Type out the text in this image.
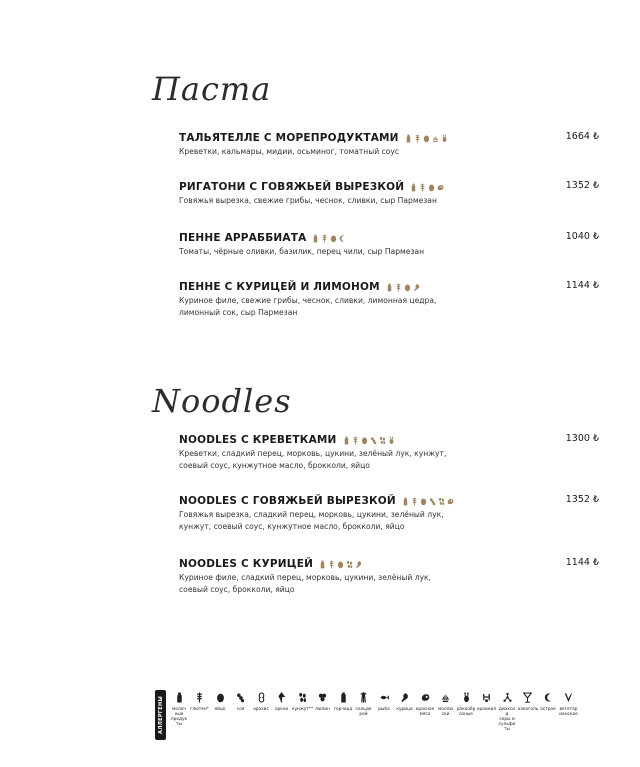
Паста
Noodles
ТАЛЬЯТЕЛЛЕ С МОРЕПРОДУКТАМИ	1664 ₺
Креветки, кальмары, мидии, осьминог, томатный соус
РИГАТОНИ С ГОВЯЖЬЕЙ ВЫРЕЗКОЙ	1352 ₺
Говяжья вырезка, свежие грибы, чеснок, сливки, сыр Пармезан
ПЕННЕ АРРАББИАТА	1040 ₺
Томаты, чёрные оливки, базилик, перец чили, сыр Пармезан
ПЕННЕ С КУРИЦЕЙ И ЛИМОНОМ	1144 ₺
Куриное филе, свежие грибы, чеснок, сливки, лимонная цедра,
лимонный сок, сыр Пармезан
NOODLES С КРЕВЕТКАМИ	1300 ₺
Креветки, сладкий перец, морковь, цукини, зелёный лук, кунжут,
соевый соус, кунжутное масло, брокколи, яйцо
NOODLES С ГОВЯЖЬЕЙ ВЫРЕЗКОЙ	1352 ₺
Говяжья вырезка, сладкий перец, морковь, цукини, зелёный лук,
кунжут, соевый соус, кунжутное масло, брокколи, яйцо
NOODLES С КУРИЦЕЙ	1144 ₺
Куриное филе, сладкий перец, морковь, цукини, зелёный лук,
соевый соус, брокколи, яйцо
АЛЛЕРГЕНЫ	молоч
ные
продук
ты
глютен*	яйцо	соя	арахис	орехи кунжут** люпин горчица сельде
рей
рыба	курица красное
мясо
моллю
ски
ракообр
азные
крахмал диокси
д
серы и
сульфи
ты
алкоголь острое вегетар
ианское
